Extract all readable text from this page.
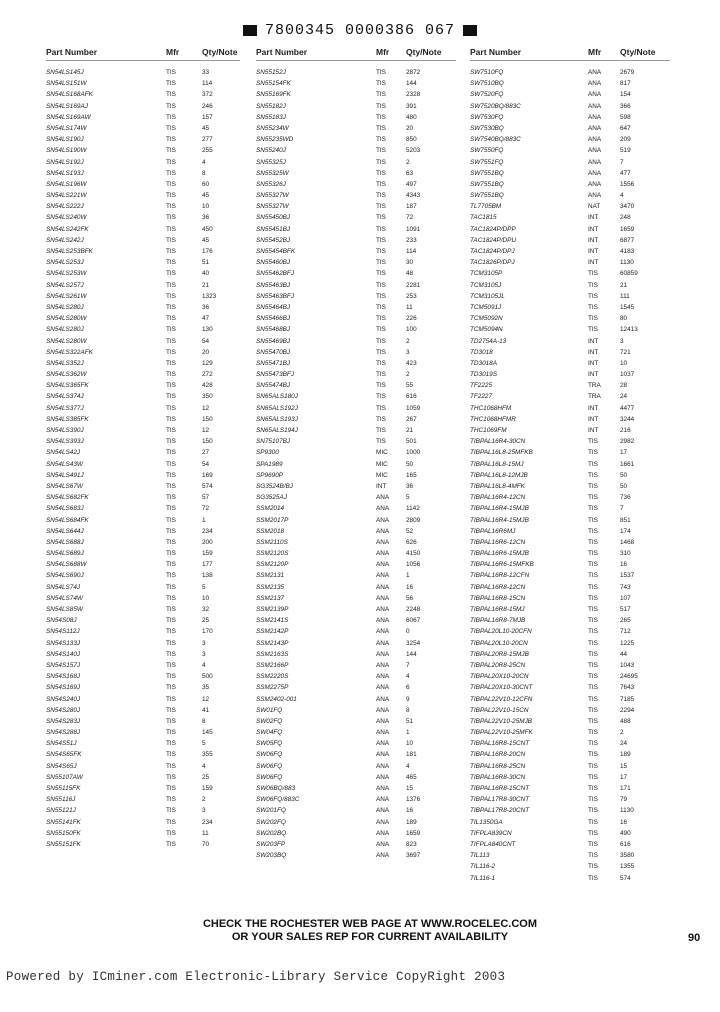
7800345 0000386 067
Part Number	Mfr	Qty/Note
SN54LS145J	TIS	33
SN54LS151W	TIS	114
SN54LS168AFK	TIS	372
SN54LS169AJ	TIS	246
SN54LS169AW	TIS	157
SN54LS174W	TIS	45
SN54LS190J	TIS	277
SN54LS190W	TIS	255
SN54LS192J	TIS	4
SN54LS193J	TIS	8
SN54LS196W	TIS	60
SN54LS221W	TIS	45
SN54LS222J	TIS	10
SN54LS240W	TIS	36
SN54LS242FK	TIS	450
SN54LS242J	TIS	45
SN54LS253BFK	TIS	176
SN54LS253J	TIS	51
SN54LS253W	TIS	40
SN54LS257J	TIS	21
SN54LS261W	TIS	1323
SN54LS280J	TIS	36
SN54LS280W	TIS	47
SN54LS280J	TIS	130
SN54LS280W	TIS	54
SN54LS322AFK	TIS	20
SN54LS352J	TIS	129
SN54LS362W	TIS	272
SN54LS365FK	TIS	428
SN54LS374J	TIS	350
SN54LS377J	TIS	12
SN54LS385FK	TIS	150
SN54LS390J	TIS	12
SN54LS393J	TIS	150
SN54LS42J	TIS	27
SN54LS43W	TIS	54
SN54LS491J	TIS	169
SN54LS67W	TIS	574
SN54LS682FK	TIS	57
SN54LS683J	TIS	72
SN54LS684FK	TIS	1
SN54LS644J	TIS	234
SN54LS688J	TIS	200
SN54LS689J	TIS	159
SN54LS688W	TIS	177
SN54LS690J	TIS	138
SN54LS74J	TIS	5
SN54LS74W	TIS	10
SN54LS85W	TIS	32
SN54S08J	TIS	25
SN54S112J	TIS	170
SN54S133J	TIS	3
SN54S140J	TIS	3
SN54S157J	TIS	4
SN54S168J	TIS	500
SN54S169J	TIS	35
SN54S240J	TIS	12
SN54S280J	TIS	41
SN54S283J	TIS	8
SN54S288J	TIS	145
SN54S51J	TIS	5
SN54S65FK	TIS	355
SN54S65J	TIS	4
SN55107AW	TIS	25
SN55115FK	TIS	159
SN55116J	TIS	2
SN55121J	TIS	3
SN55141FK	TIS	234
SN55150FK	TIS	11
SN55151FK	TIS	70
Part Number	Mfr Qty/Note
SN55152J	TIS	2872
SN55154FK	TIS	144
SN55169FK	TIS	2328
SN55182J	TIS	391
SN55183J	TIS	480
SN55234W	TIS	20
SN55235WD	TIS	850
SN55240J	TIS	5203
SN55325J	TIS	2
SN55325W	TIS	63
SN55326J	TIS	497
SN55327W	TIS	4343
SN55327W	TIS	187
SN55450BJ	TIS	72
SN55451BJ	TIS	1091
SN55452BJ	TIS	233
SN55454BFK	TIS	114
SN55460BJ	TIS	30
SN55462BFJ	TIS	48
SN55463BJ	TIS	2281
SN55463BFJ	TIS	253
SN55464BJ	TIS	11
SN55466BJ	TIS	226
SN55468BJ	TIS	100
SN55469BJ	TIS	2
SN55470BJ	TIS	3
SN55471BJ	TIS	423
SN55473BFJ	TIS	2
SN55474BJ	TIS	55
SN65ALS180J	TIS	616
SN65ALS192J	TIS	1059
SN65ALS193J	TIS	267
SN65ALS194J	TIS	21
SN75107BJ	TIS	501
SP9300	MIC	1000
SPA1989	MIC	50
SP9690P	MIC	165
SG3524B/BJ	INT	36
SG3525AJ	ANA	5
SSM2014	ANA	1142
SSM2017P	ANA	2809
SSM2018	ANA	52
SSM2110S	ANA	626
SSM2120S	ANA	4150
SSM2120P	ANA	1056
SSM2131	ANA	1
SSM2135	ANA	16
SSM2137	ANA	56
SSM2139P	ANA	2248
SSM2141S	ANA	6067
SSM2142P	ANA	0
SSM2143P	ANA	3254
SSM2163S	ANA	144
SSM2166P	ANA	7
SSM2220S	ANA	4
SSM2275P	ANA	6
SSM2402-001	ANA	9
SW01FQ	ANA	8
SW02FQ	ANA	51
SW04FQ	ANA	1
SW05FQ	ANA	10
SW06FQ	ANA	181
SW06FQ	ANA	4
SW06FQ	ANA	465
SW06BQ/883	ANA	15
SW06FQ/883C	ANA	1376
SW201FQ	ANA	16
SW202FQ	ANA	189
SW202BQ	ANA	1659
SW203FP	ANA	823
SW203BQ	ANA	3697
Part Number	Mfr Qty/Note
SW7510FQ	ANA	2679
SW7510BQ	ANA	817
SW7520FQ	ANA	154
SW7520BQ/883C	ANA	366
SW7530FQ	ANA	598
SW7530BQ	ANA	647
SW7540BQ/883C	ANA	209
SW7550FQ	ANA	519
SW7551FQ	ANA	7
SW7551BQ	ANA	477
SW7551BQ	ANA	1556
SW7551BQ	ANA	4
TL7705BM	NAT	3470
TAC1815	INT	248
TAC1824P/DPP	INT	1659
TAC1824P/DPU	INT	6877
TAC1824P/DPJ	INT	4183
TAC1826P/DPJ	INT	1130
TCM3105P	TIS	60859
TCM3105J	TIS	21
TCM3105JL	TIS	111
TCM5091J	TIS	1545
TCM5092N	TIS	80
TCM5094N	TIS	12413
TD2754A-13	INT	3
TD3018	INT	721
TD3018A	INT	10
TD3019S	INT	1037
TF2225	TRA	28
TF2227	TRA	24
THC1068HFM	INT	4477
THC1068HFMR	INT	3244
THC1069FM	INT	216
TIBPAL16R4-30CN	TIS	2982
TIBPAL16L8-25MFKB	TIS	17
TIBPAL16L8-15MJ	TIS	1661
TIBPAL16L8-12MJB	TIS	50
TIBPAL16L8-4MFK	TIS	50
TIBPAL16R4-12CN	TIS	736
TIBPAL16R4-15MJB	TIS	7
TIBPAL16R4-15MJB	TIS	851
TIBPAL16R6MJ	TIS	174
TIBPAL16R6-12CN	TIS	1468
TIBPAL16R6-15MJB	TIS	310
TIBPAL16R6-15MFKB	TIS	16
TIBPAL16R8-12CFN	TIS	1537
TIBPAL16R8-12CN	TIS	743
TIBPAL16R8-15CN	TIS	107
TIBPAL16R8-15MJ	TIS	517
TIBPAL16R8-7MJB	TIS	265
TIBPAL20L10-20CFN	TIS	712
TIBPAL20L10-20CN	TIS	1225
TIBPAL20R8-15MJB	TIS	44
TIBPAL20R8-25CN	TIS	1043
TIBPAL20X10-20CN	TIS	24695
TIBPAL20X10-30CNT	TIS	7643
TIBPAL22V10-12CFN	TIS	7185
TIBPAL22V10-15CN	TIS	2294
TIBPAL22V10-25MJB	TIS	488
TIBPAL22V10-25MFK	TIS	2
TIBPAL16R8-15CNT	TIS	24
TIBPAL16R8-20CN	TIS	189
TIBPAL16R8-25CN	TIS	15
TIBPAL16R8-30CN	TIS	17
TIBPAL16R8-15CNT	TIS	171
TIBPAL17R8-30CNT	TIS	79
TIBPAL17R8-20CNT	TIS	1130
TIL1350GA	TIS	16
TIFPLA839CN	TIS	490
TIFPLA840CNT	TIS	616
TIL113	TIS	3580
TIL116-2	TIS	1355
TIL116-1	TIS	574
CHECK THE ROCHESTER WEB PAGE AT WWW.ROCELEC.COM
OR YOUR SALES REP FOR CURRENT AVAILABILITY	90
Powered by ICminer.com Electronic-Library Service CopyRight 2003
